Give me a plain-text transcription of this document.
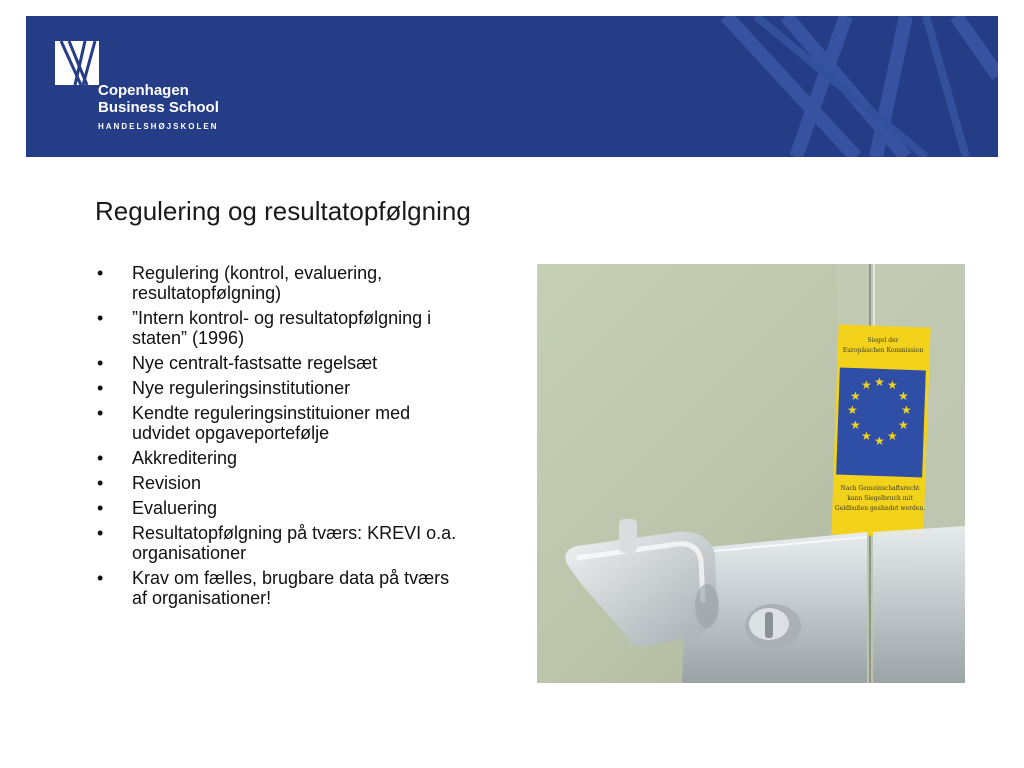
Copenhagen
Business School
HANDELSHØJSKOLEN
Regulering og resultatopfølgning
• Regulering (kontrol, evaluering,
resultatopfølgning)
• ”Intern kontrol- og resultatopfølgning i
staten” (1996)
• Nye centralt-fastsatte regelsæt
• Nye reguleringsinstitutioner
• Kendte reguleringsinstituioner med
udvidet opgaveportefølje
• Akkreditering
• Revision
• Evaluering
• Resultatopfølgning på tværs: KREVI o.a.
organisationer
• Krav om fælles, brugbare data på tværs
af organisationer!
★ ★
★
★
★
★
★
★
★
★
★
★
Siegel der
Europäischen Kommission
Nach Gemeinschaftsrecht
kann Siegelbruch mit
Geldbußen geahndet werden.
